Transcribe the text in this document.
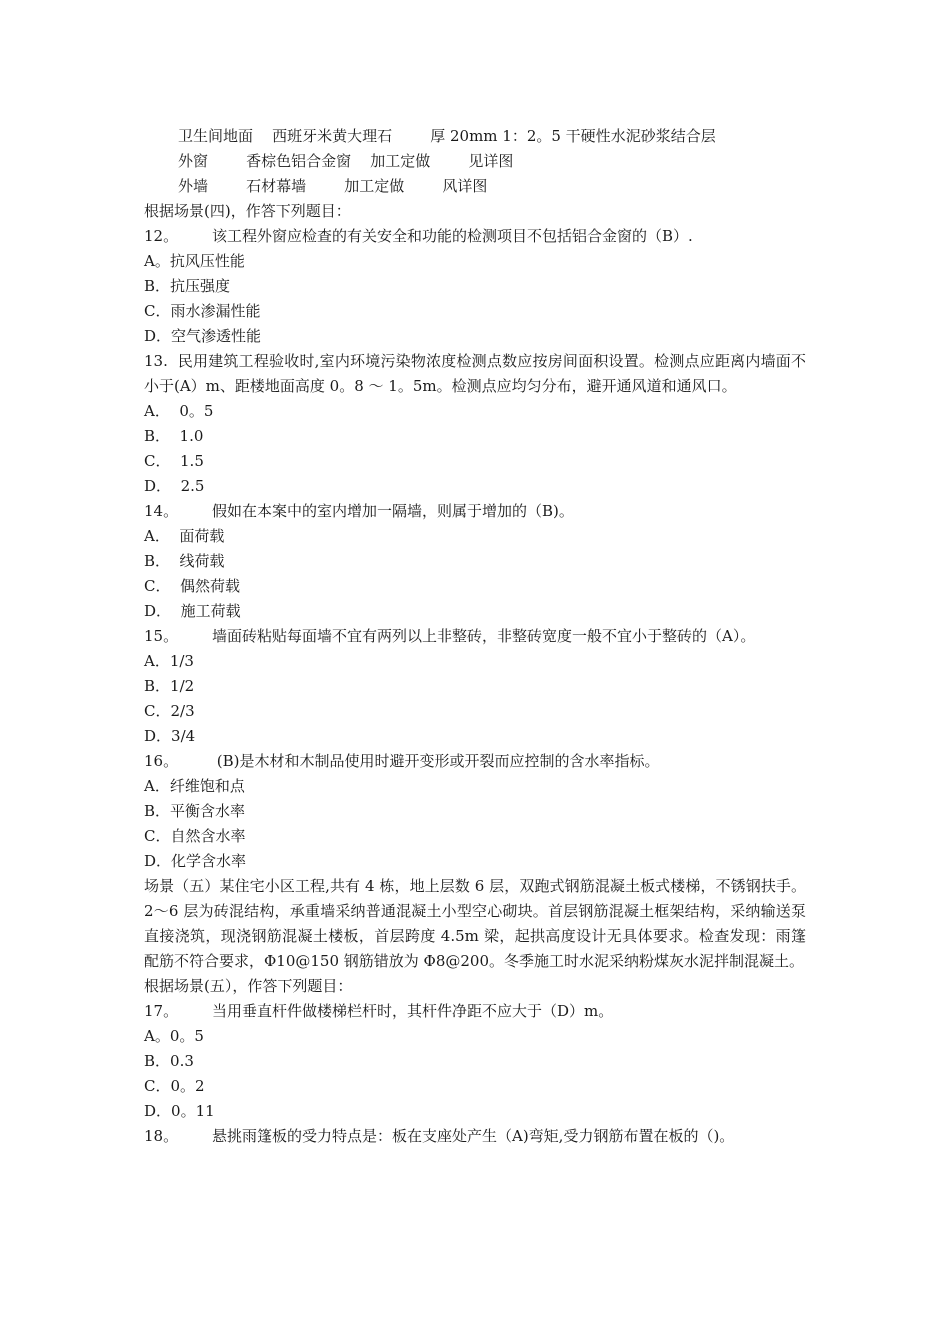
卫生间地面    西班牙米黄大理石        厚 20mm 1：2。5 干硬性水泥砂浆结合层
外窗        香棕色铝合金窗    加工定做        见详图
外墙        石材幕墙        加工定做        风详图
根据场景(四)，作答下列题目：
12。 该工程外窗应检查的有关安全和功能的检测项目不包括铝合金窗的（B）.
A。抗风压性能
B．抗压强度
C．雨水渗漏性能
D．空气渗透性能
13. 民用建筑工程验收时,室内环境污染物浓度检测点数应按房间面积设置。检测点应距离内墙面不小于(A）m、距楼地面高度 0。8 ～ 1。5m。检测点应均匀分布，避开通风道和通风口。
A．  0。5
B．  1.0
C．  1.5
D．  2.5
14。 假如在本案中的室内增加一隔墙，则属于增加的（B)。
A．  面荷载
B．  线荷载
C．  偶然荷载
D．  施工荷载
15。 墙面砖粘贴每面墙不宜有两列以上非整砖，非整砖宽度一般不宜小于整砖的（A）。
A．1/3
B．1/2
C．2/3
D．3/4
16。 (B)是木材和木制品使用时避开变形或开裂而应控制的含水率指标。
A．纤维饱和点
B．平衡含水率
C．自然含水率
D．化学含水率
场景（五）某住宅小区工程,共有 4 栋，地上层数 6 层，双跑式钢筋混凝土板式楼梯，不锈钢扶手。2～6 层为砖混结构，承重墙采纳普通混凝土小型空心砌块。首层钢筋混凝土框架结构，采纳输送泵直接浇筑，现浇钢筋混凝土楼板，首层跨度 4.5m 梁，起拱高度设计无具体要求。检查发现：雨篷配筋不符合要求，Φ10@150 钢筋错放为 Φ8@200。冬季施工时水泥采纳粉煤灰水泥拌制混凝土。
根据场景(五），作答下列题目：
17。 当用垂直杆件做楼梯栏杆时，其杆件净距不应大于（D）m。
A。0。5
B．0.3
C．0。2
D．0。11
18。 悬挑雨篷板的受力特点是：板在支座处产生（A)弯矩,受力钢筋布置在板的（)。
